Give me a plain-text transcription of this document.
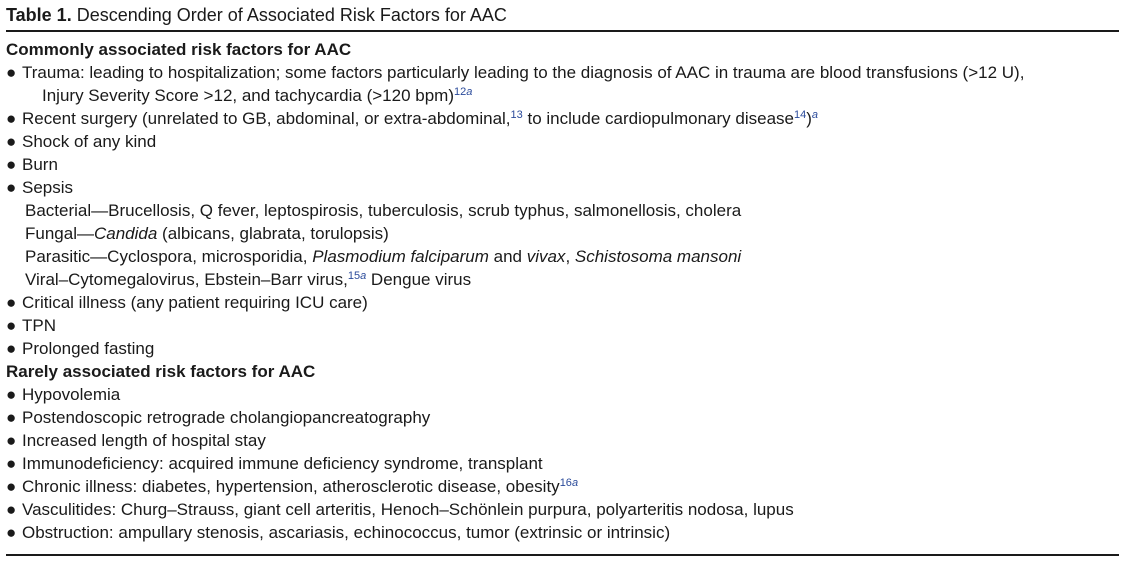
Table 1. Descending Order of Associated Risk Factors for AAC
Commonly associated risk factors for AAC
● Trauma: leading to hospitalization; some factors particularly leading to the diagnosis of AAC in trauma are blood transfusions (>12 U),
Injury Severity Score >12, and tachycardia (>120 bpm)$^{12a}$
● Recent surgery (unrelated to GB, abdominal, or extra-abdominal,$^{13}$ to include cardiopulmonary disease$^{14}$)$^a$
● Shock of any kind
● Burn
● Sepsis
Bacterial—Brucellosis, Q fever, leptospirosis, tuberculosis, scrub typhus, salmonellosis, cholera
Fungal—Candida (albicans, glabrata, torulopsis)
Parasitic—Cyclospora, microsporidia, Plasmodium falciparum and vivax, Schistosoma mansoni
Viral–Cytomegalovirus, Ebstein–Barr virus,$^{15a}$ Dengue virus
● Critical illness (any patient requiring ICU care)
● TPN
● Prolonged fasting
Rarely associated risk factors for AAC
● Hypovolemia
● Postendoscopic retrograde cholangiopancreatography
● Increased length of hospital stay
● Immunodeficiency: acquired immune deficiency syndrome, transplant
● Chronic illness: diabetes, hypertension, atherosclerotic disease, obesity$^{16a}$
● Vasculitides: Churg–Strauss, giant cell arteritis, Henoch–Schönlein purpura, polyarteritis nodosa, lupus
● Obstruction: ampullary stenosis, ascariasis, echinococcus, tumor (extrinsic or intrinsic)
